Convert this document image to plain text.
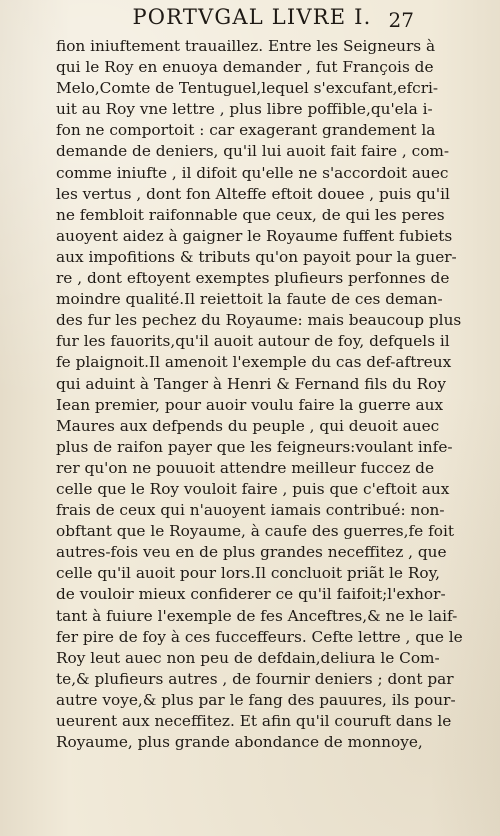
PORTVGAL LIVRE I. 27
fion iniuftement trauaillez. Entre les Seigneurs à
qui le Roy en enuoya demander , fut François de
Melo,Comte de Tentuguel,lequel s'excufant,efcri-
uit au Roy vne lettre , plus libre poffible,qu'ela i-
fon ne comportoit : car exagerant grandement la
demande de deniers, qu'il lui auoit fait faire , com-
comme iniufte , il difoit qu'elle ne s'accordoit auec
les vertus , dont fon Alteffe eftoit douee , puis qu'il
ne fembloit raifonnable que ceux, de qui les peres
auoyent aidez à gaigner le Royaume fuffent fubiets
aux impofitions & tributs qu'on payoit pour la guer-
re , dont eftoyent exemptes plufieurs perfonnes de
moindre qualité.Il reiettoit la faute de ces deman-
des fur les pechez du Royaume: mais beaucoup plus
fur les fauorits,qu'il auoit autour de foy, defquels il
fe plaignoit.Il amenoit l'exemple du cas def-aftreux
qui aduint à Tanger à Henri & Fernand fils du Roy
Iean premier, pour auoir voulu faire la guerre aux
Maures aux defpends du peuple , qui deuoit auec
plus de raifon payer que les feigneurs:voulant infe-
rer qu'on ne pouuoit attendre meilleur fuccez de
celle que le Roy vouloit faire , puis que c'eftoit aux
frais de ceux qui n'auoyent iamais contribué: non-
obftant que le Royaume, à caufe des guerres,fe foit
autres-fois veu en de plus grandes neceffitez , que
celle qu'il auoit pour lors.Il concluoit priãt le Roy,
de vouloir mieux confiderer ce qu'il faifoit;l'exhor-
tant à fuiure l'exemple de fes Anceftres,& ne le laif-
fer pire de foy à ces fucceffeurs. Cefte lettre , que le
Roy leut auec non peu de defdain,deliura le Com-
te,& plufieurs autres , de fournir deniers ; dont par
autre voye,& plus par le fang des pauures, ils pour-
ueurent aux neceffitez. Et afin qu'il couruft dans le
Royaume, plus grande abondance de monnoye,
